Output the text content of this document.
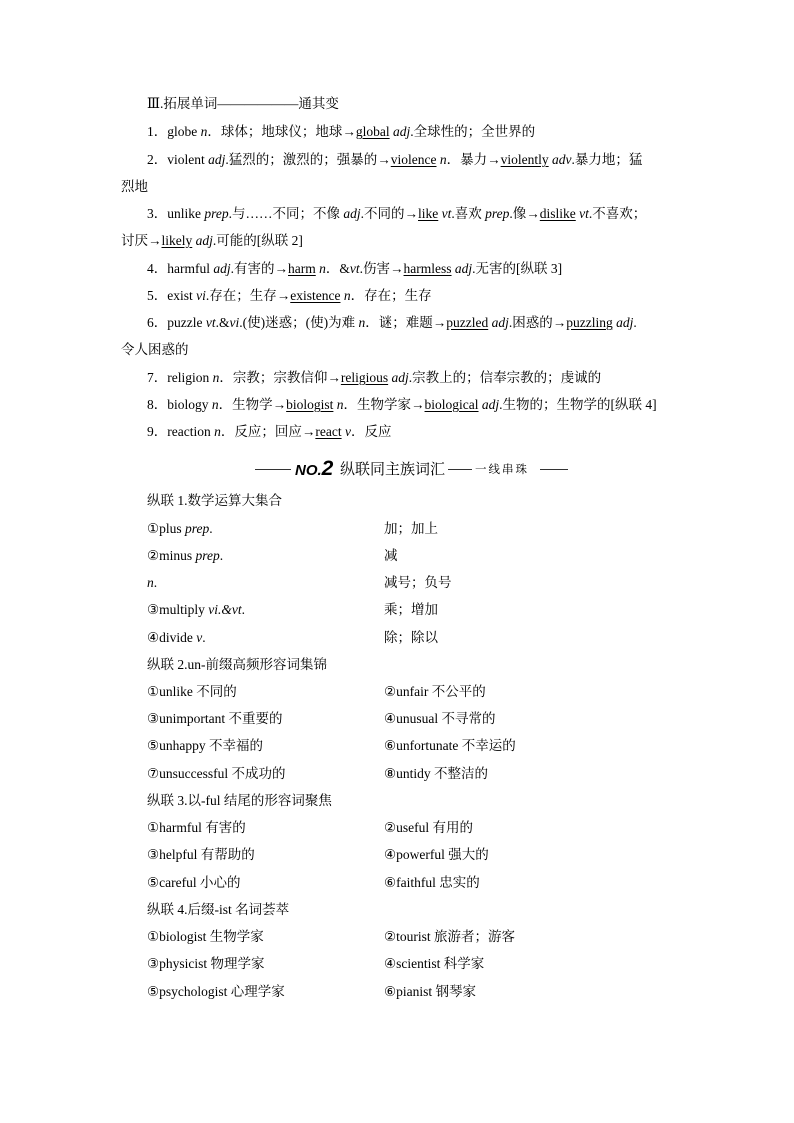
Ⅲ.拓展单词——————通其变
1．globe n．球体；地球仪；地球→global adj.全球性的；全世界的
2．violent adj.猛烈的；激烈的；强暴的→violence n．暴力→violently adv.暴力地；猛
烈地
3．unlike prep.与……不同；不像 adj.不同的→like vt.喜欢 prep.像→dislike vt.不喜欢；
讨厌→likely adj.可能的[纵联 2]
4．harmful adj.有害的→harm n．&vt.伤害→harmless adj.无害的[纵联 3]
5．exist vi.存在；生存→existence n．存在；生存
6．puzzle vt.&vi.(使)迷惑；(使)为难 n．谜；难题→puzzled adj.困惑的→puzzling adj.
令人困惑的
7．religion n．宗教；宗教信仰→religious adj.宗教上的；信奉宗教的；虔诚的
8．biology n．生物学→biologist n．生物学家→biological adj.生物的；生物学的[纵联 4]
9．reaction n．反应；回应→react v．反应
NO.2 纵联同主族词汇	一线串珠
纵联 1.数学运算大集合
①plus prep.	加；加上
②minus prep.	减
n.	减号；负号
③multiply vi.&vt.	乘；增加
④divide v.	除；除以
纵联 2.un-前缀高频形容词集锦
①unlike 不同的	②unfair 不公平的
③unimportant 不重要的	④unusual 不寻常的
⑤unhappy 不幸福的	⑥unfortunate 不幸运的
⑦unsuccessful 不成功的	⑧untidy 不整洁的
纵联 3.以-ful 结尾的形容词聚焦
①harmful 有害的	②useful 有用的
③helpful 有帮助的	④powerful 强大的
⑤careful 小心的	⑥faithful 忠实的
纵联 4.后缀-ist 名词荟萃
①biologist 生物学家	②tourist 旅游者；游客
③physicist 物理学家	④scientist 科学家
⑤psychologist 心理学家	⑥pianist 钢琴家
